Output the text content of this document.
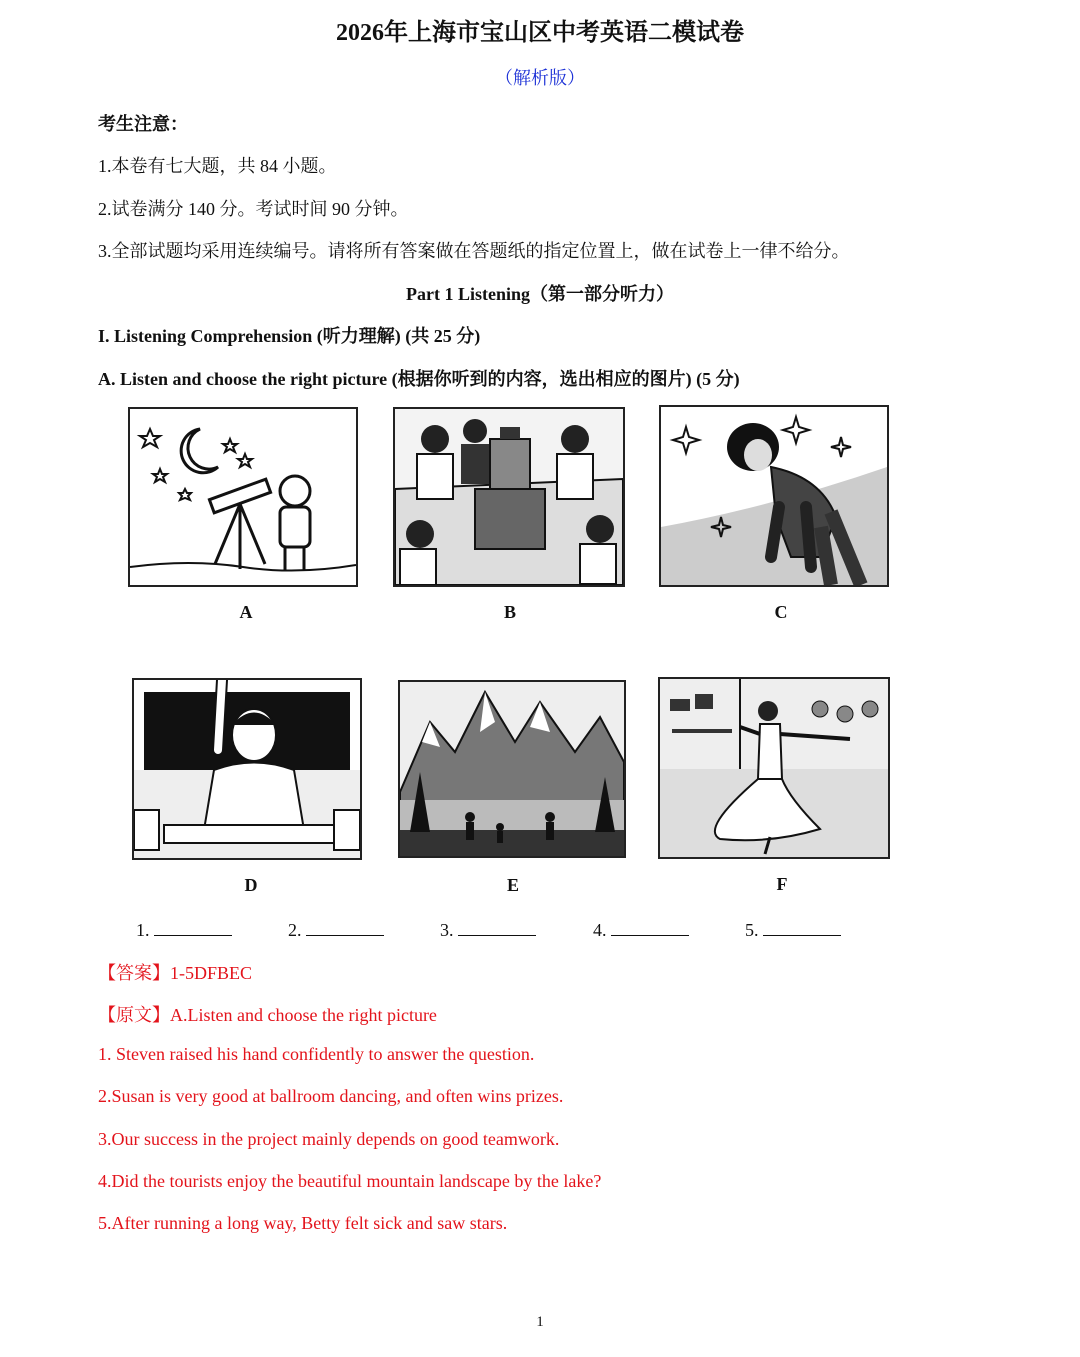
2026年上海市宝山区中考英语二模试卷
（解析版）
考生注意：
1.本卷有七大题，共 84 小题。
2.试卷满分 140 分。考试时间 90 分钟。
3.全部试题均采用连续编号。请将所有答案做在答题纸的指定位置上，做在试卷上一律不给分。
Part 1 Listening（第一部分听力）
I. Listening Comprehension (听力理解) (共 25 分)
A. Listen and choose the right picture (根据你听到的内容，选出相应的图片) (5 分)
A	B	C
D	E	F
1.	2.	3.	4.	5.
【答案】1-5DFBEC
【原文】A.Listen and choose the right picture
1. Steven raised his hand confidently to answer the question.
2.Susan is very good at ballroom dancing, and often wins prizes.
3.Our success in the project mainly depends on good teamwork.
4.Did the tourists enjoy the beautiful mountain landscape by the lake?
5.After running a long way, Betty felt sick and saw stars.
1
